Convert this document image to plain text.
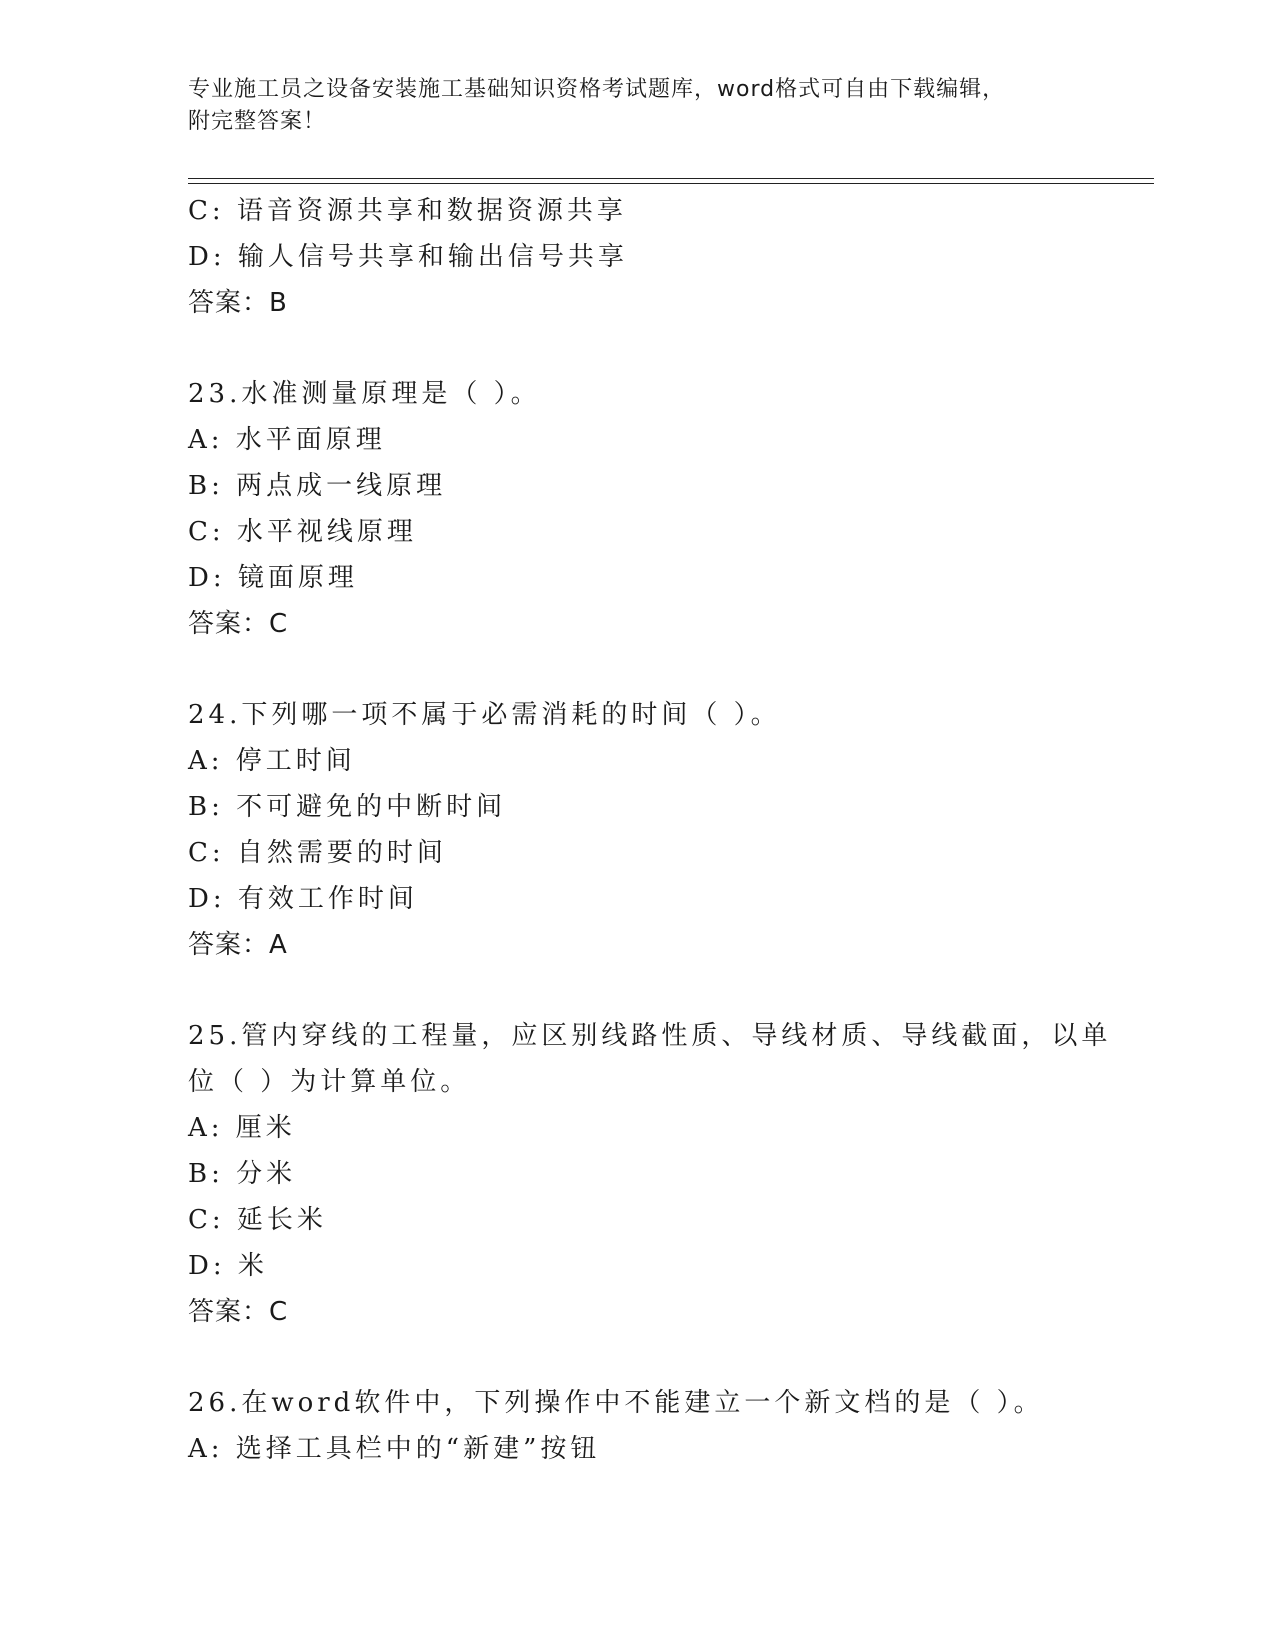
专业施工员之设备安装施工基础知识资格考试题库，word格式可自由下载编辑，
附完整答案！
C: 语音资源共享和数据资源共享
D: 输人信号共享和输出信号共享
答案：B
23.水准测量原理是（ ）。
A: 水平面原理
B: 两点成一线原理
C: 水平视线原理
D: 镜面原理
答案：C
24.下列哪一项不属于必需消耗的时间（ ）。
A: 停工时间
B: 不可避免的中断时间
C: 自然需要的时间
D: 有效工作时间
答案：A
25.管内穿线的工程量，应区别线路性质、导线材质、导线截面，以单
位（ ）为计算单位。
A: 厘米
B: 分米
C: 延长米
D: 米
答案：C
26.在word软件中，下列操作中不能建立一个新文档的是（ ）。
A: 选择工具栏中的“新建”按钮
